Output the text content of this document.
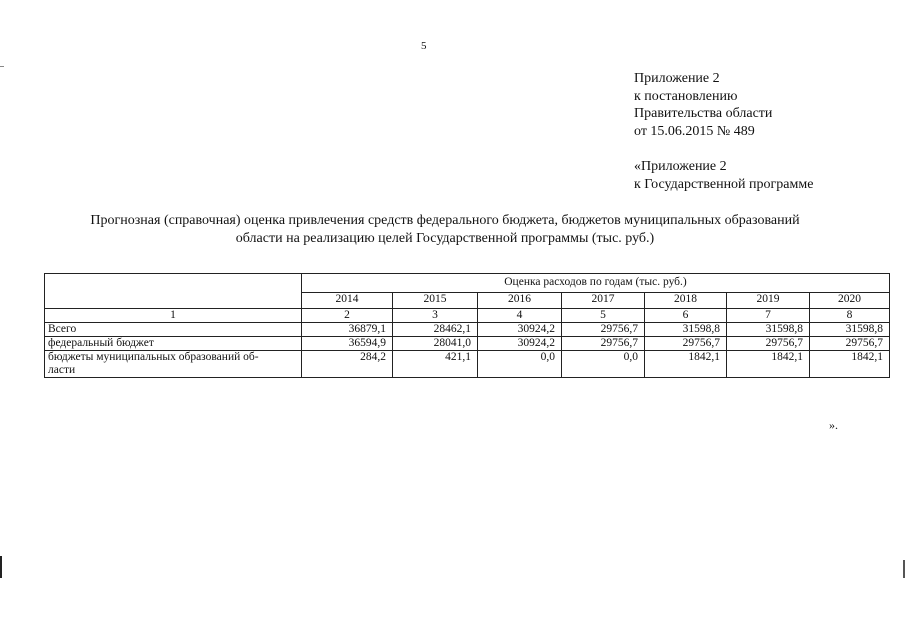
5
Приложение 2
к постановлению
Правительства области
от 15.06.2015 № 489
«Приложение 2
к Государственной программе
Прогнозная (справочная) оценка привлечения средств федерального бюджета, бюджетов муниципальных образований
области на реализацию целей Государственной программы (тыс. руб.)
	Оценка расходов по годам (тыс. руб.)						
	2014	2015	2016	2017	2018	2019	2020
1	2	3	4	5	6	7	8
Всего	36879,1	28462,1	30924,2	29756,7	31598,8	31598,8	31598,8
федеральный бюджет	36594,9	28041,0	30924,2	29756,7	29756,7	29756,7	29756,7

бюджеты муниципальных образований об-
ласти	284,2	421,1	0,0	0,0	1842,1	1842,1	1842,1
».
